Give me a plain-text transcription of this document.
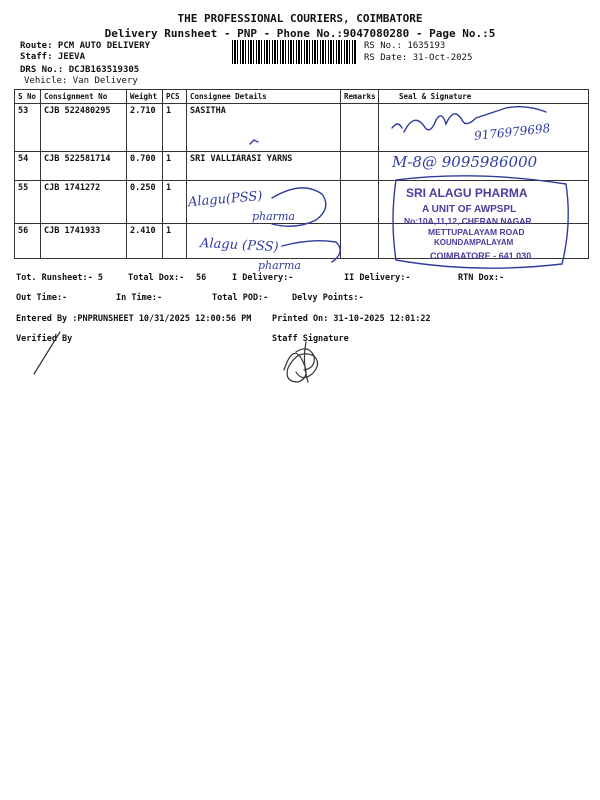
THE PROFESSIONAL COURIERS, COIMBATORE
Delivery Runsheet - PNP - Phone No.:9047080280 - Page No.:5
Route: PCM AUTO DELIVERY
Staff: JEEVA
DRS No.: DCJB163519305
Vehicle: Van Delivery
RS No.: 1635193
RS Date: 31-Oct-2025
S No	Consignment No	Weight	PCS	Consignee Details	Remarks	Seal & Signature
53	CJB 522480295	2.710	1	SASITHA		
54	CJB 522581714	0.700	1	SRI VALLIARASI YARNS		
55	CJB 1741272	0.250	1			
56	CJB 1741933	2.410	1			
Tot. Runsheet:- 5	Total Dox:- 56	I Delivery:-	II Delivery:-	RTN Dox:-
Out Time:-	In Time:-	Total POD:-	Delvy Points:-
Entered By :PNPRUNSHEET 10/31/2025 12:00:56 PM Printed On: 31-10-2025 12:01:22
Verified By	Staff Signature
9176979698
M-8@ 9095986000
Alagu(PSS)
pharma
Alagu (PSS)
pharma
SRI ALAGU PHARMA
A UNIT OF AWPSPL
No:10A,11,12, CHERAN NAGAR
METTUPALAYAM ROAD
KOUNDAMPALAYAM
COIMBATORE - 641 030
